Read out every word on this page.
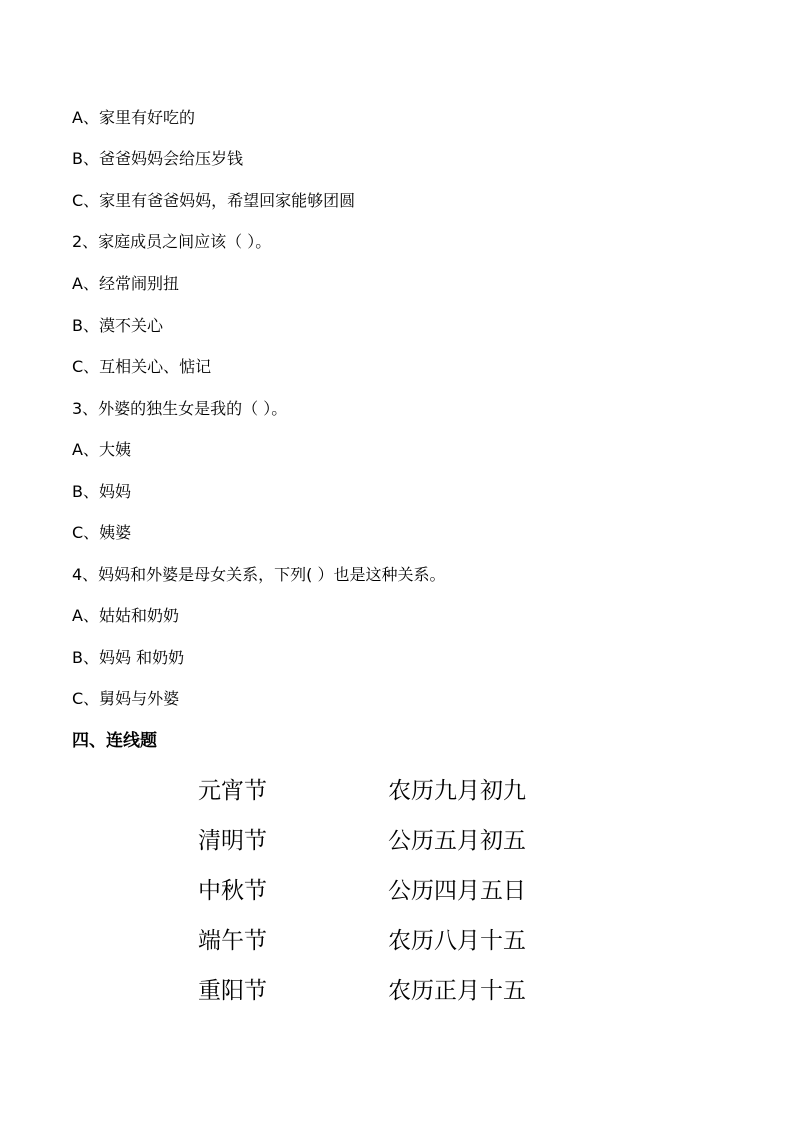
A、家里有好吃的
B、爸爸妈妈会给压岁钱
C、家里有爸爸妈妈，希望回家能够团圆
2、家庭成员之间应该（ ）。
A、经常闹别扭
B、漠不关心
C、互相关心、惦记
3、外婆的独生女是我的（ ）。
A、大姨
B、妈妈
C、姨婆
4、妈妈和外婆是母女关系，下列( ）也是这种关系。
A、姑姑和奶奶
B、妈妈 和奶奶
C、舅妈与外婆
四、连线题
元宵节	农历九月初九
清明节	公历五月初五
中秋节	公历四月五日
端午节	农历八月十五
重阳节	农历正月十五
